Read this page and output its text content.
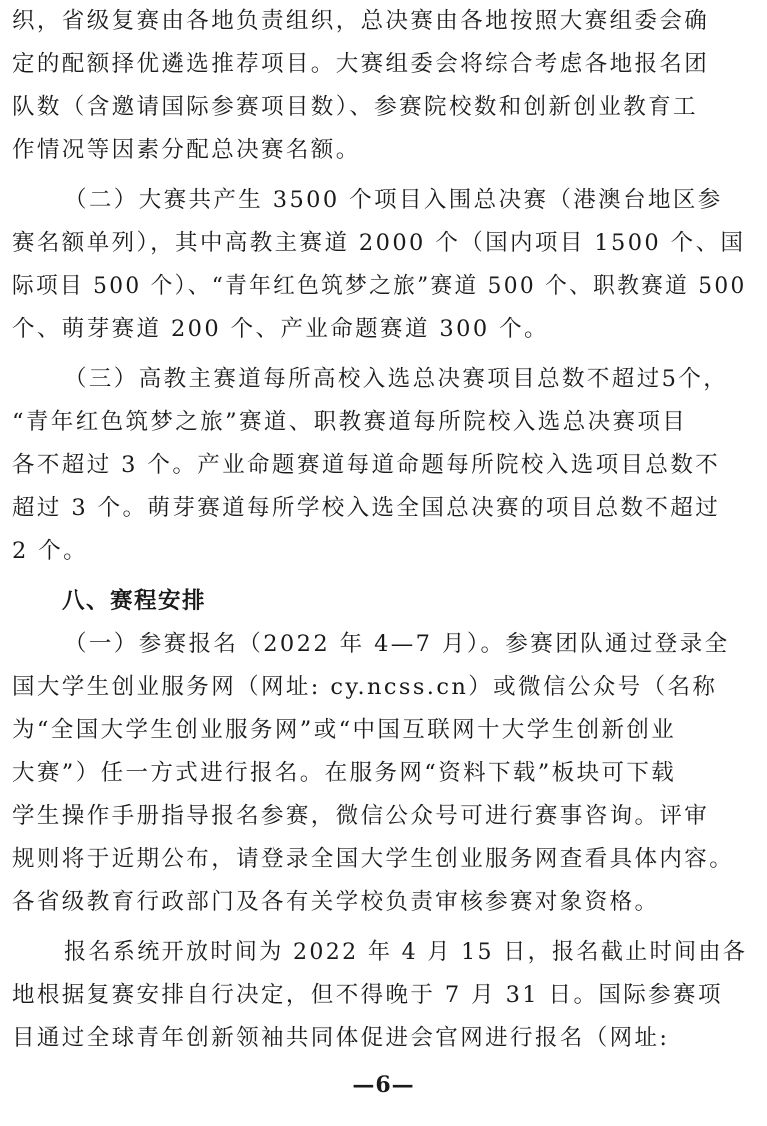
织，省级复赛由各地负责组织，总决赛由各地按照大赛组委会确
定的配额择优遴选推荐项目。大赛组委会将综合考虑各地报名团
队数（含邀请国际参赛项目数）、参赛院校数和创新创业教育工
作情况等因素分配总决赛名额。
（二）大赛共产生 3500 个项目入围总决赛（港澳台地区参
赛名额单列），其中高教主赛道 2000 个（国内项目 1500 个、国
际项目 500 个）、“青年红色筑梦之旅”赛道 500 个、职教赛道 500
个、萌芽赛道 200 个、产业命题赛道 300 个。
（三）高教主赛道每所高校入选总决赛项目总数不超过5个，
“青年红色筑梦之旅”赛道、职教赛道每所院校入选总决赛项目
各不超过 3 个。产业命题赛道每道命题每所院校入选项目总数不
超过 3 个。萌芽赛道每所学校入选全国总决赛的项目总数不超过
2 个。
八、赛程安排
（一）参赛报名（2022 年 4—7 月）。参赛团队通过登录全
国大学生创业服务网（网址: cy.ncss.cn）或微信公众号（名称
为“全国大学生创业服务网”或“中国互联网十大学生创新创业
大赛”）任一方式进行报名。在服务网“资料下载”板块可下载
学生操作手册指导报名参赛，微信公众号可进行赛事咨询。评审
规则将于近期公布，请登录全国大学生创业服务网查看具体内容。
各省级教育行政部门及各有关学校负责审核参赛对象资格。
报名系统开放时间为 2022 年 4 月 15 日，报名截止时间由各
地根据复赛安排自行决定，但不得晚于 7 月 31 日。国际参赛项
目通过全球青年创新领袖共同体促进会官网进行报名（网址:
—6—
